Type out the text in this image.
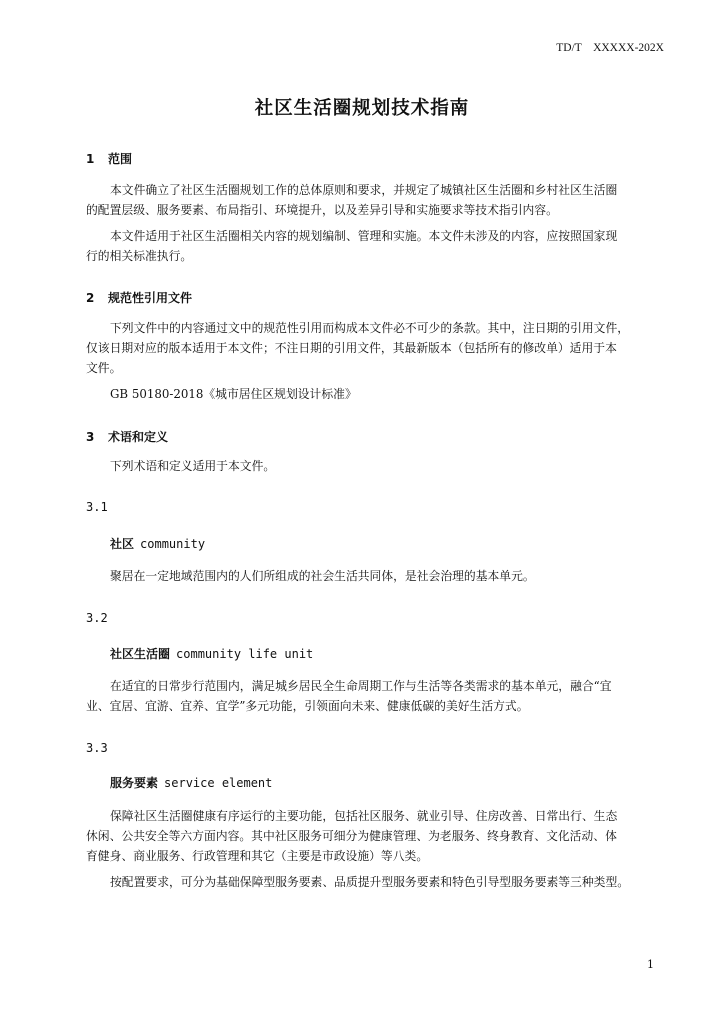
TD/T    XXXXX-202X
社区生活圈规划技术指南
1 范围
本文件确立了社区生活圈规划工作的总体原则和要求，并规定了城镇社区生活圈和乡村社区生活圈
的配置层级、服务要素、布局指引、环境提升，以及差异引导和实施要求等技术指引内容。
本文件适用于社区生活圈相关内容的规划编制、管理和实施。本文件未涉及的内容，应按照国家现
行的相关标准执行。
2 规范性引用文件
下列文件中的内容通过文中的规范性引用而构成本文件必不可少的条款。其中，注日期的引用文件，
仅该日期对应的版本适用于本文件；不注日期的引用文件，其最新版本（包括所有的修改单）适用于本
文件。
GB 50180-2018《城市居住区规划设计标准》
3 术语和定义
下列术语和定义适用于本文件。
3.1
社区 community
聚居在一定地域范围内的人们所组成的社会生活共同体，是社会治理的基本单元。
3.2
社区生活圈 community life unit
在适宜的日常步行范围内，满足城乡居民全生命周期工作与生活等各类需求的基本单元，融合“宜
业、宜居、宜游、宜养、宜学”多元功能，引领面向未来、健康低碳的美好生活方式。
3.3
服务要素 service element
保障社区生活圈健康有序运行的主要功能，包括社区服务、就业引导、住房改善、日常出行、生态
休闲、公共安全等六方面内容。其中社区服务可细分为健康管理、为老服务、终身教育、文化活动、体
育健身、商业服务、行政管理和其它（主要是市政设施）等八类。
按配置要求，可分为基础保障型服务要素、品质提升型服务要素和特色引导型服务要素等三种类型。
1
